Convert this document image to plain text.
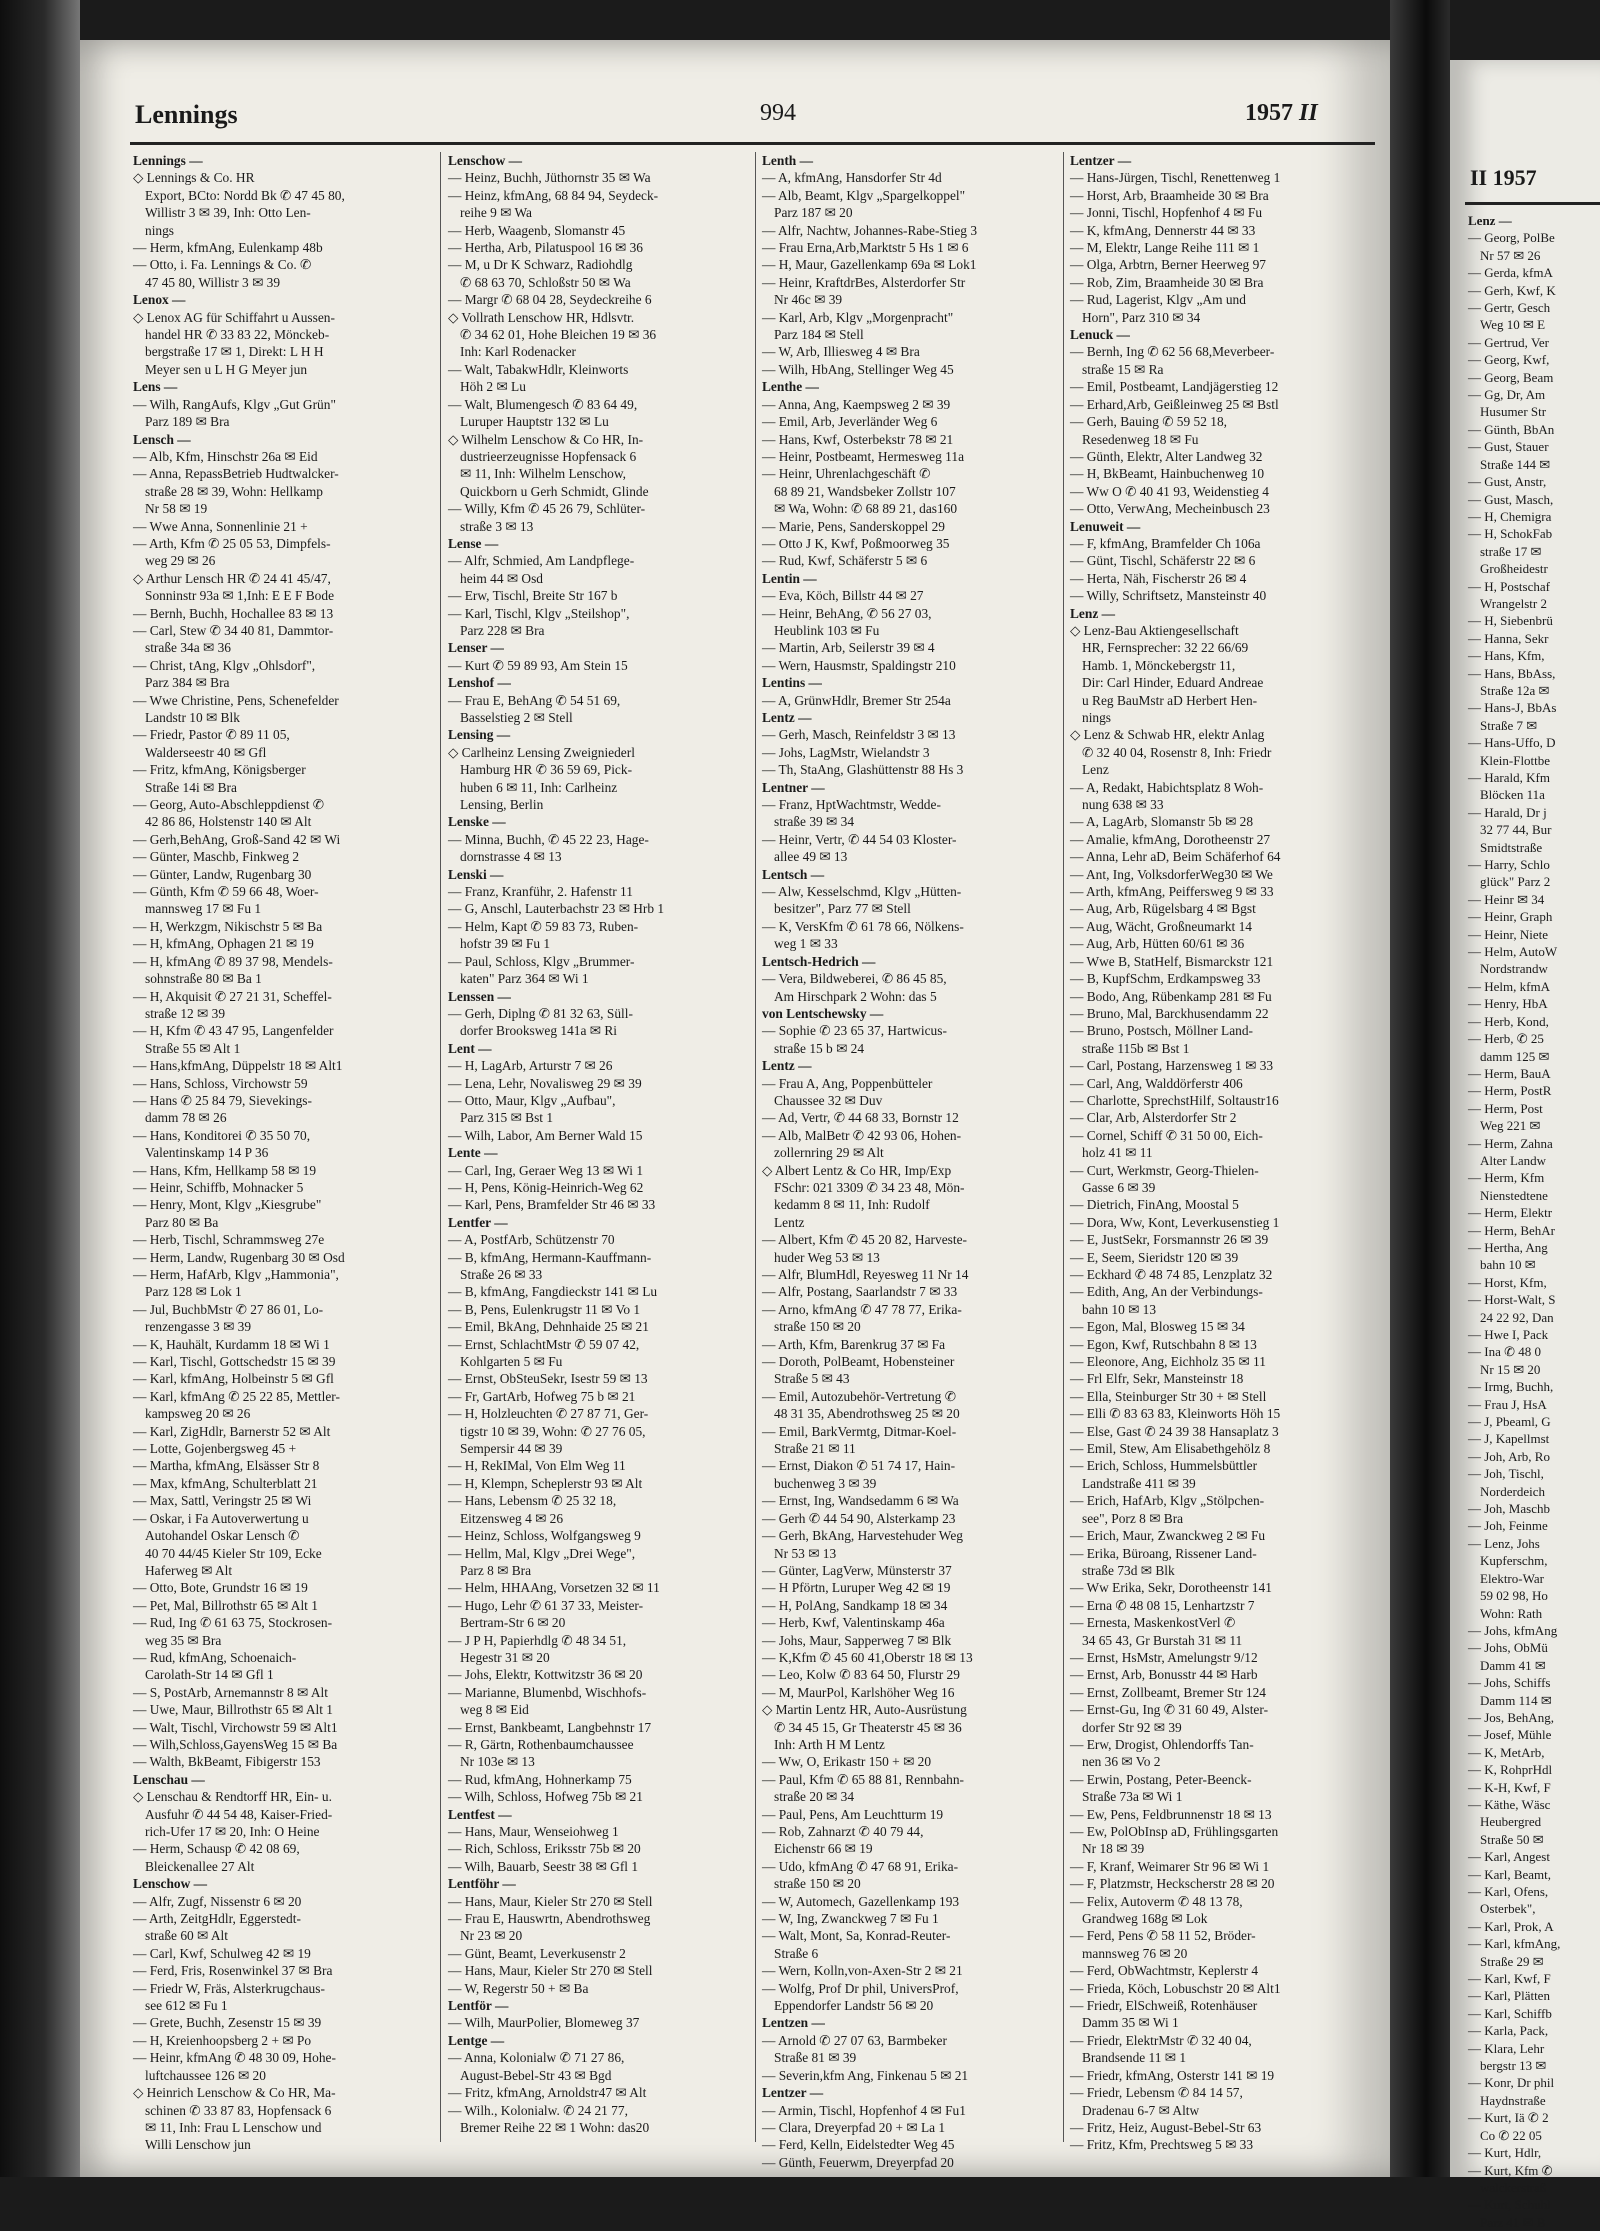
Lennings	994	1957 II
Lennings —
◇ Lennings & Co. HR
Export, BCto: Nordd Bk ✆ 47 45 80,
Willistr 3 ✉ 39, Inh: Otto Len-
nings
— Herm, kfmAng, Eulenkamp 48b
— Otto, i. Fa. Lennings & Co. ✆
47 45 80, Willistr 3 ✉ 39
Lenox —
◇ Lenox AG für Schiffahrt u Aussen-
handel HR ✆ 33 83 22, Mönckeb-
bergstraße 17 ✉ 1, Direkt: L H H
Meyer sen u L H G Meyer jun
Lens —
— Wilh, RangAufs, Klgv „Gut Grün"
Parz 189 ✉ Bra
Lensch —
— Alb, Kfm, Hinschstr 26a ✉ Eid
— Anna, RepassBetrieb Hudtwalcker-
straße 28 ✉ 39, Wohn: Hellkamp
Nr 58 ✉ 19
— Wwe Anna, Sonnenlinie 21 +
— Arth, Kfm ✆ 25 05 53, Dimpfels-
weg 29 ✉ 26
◇ Arthur Lensch HR ✆ 24 41 45/47,
Sonninstr 93a ✉ 1,Inh: E E F Bode
— Bernh, Buchh, Hochallee 83 ✉ 13
— Carl, Stew ✆ 34 40 81, Dammtor-
straße 34a ✉ 36
— Christ, tAng, Klgv „Ohlsdorf",
Parz 384 ✉ Bra
— Wwe Christine, Pens, Schenefelder
Landstr 10 ✉ Blk
— Friedr, Pastor ✆ 89 11 05,
Walderseestr 40 ✉ Gfl
— Fritz, kfmAng, Königsberger
Straße 14i ✉ Bra
— Georg, Auto-Abschleppdienst ✆
42 86 86, Holstenstr 140 ✉ Alt
— Gerh,BehAng, Groß-Sand 42 ✉ Wi
— Günter, Maschb, Finkweg 2
— Günter, Landw, Rugenbarg 30
— Günth, Kfm ✆ 59 66 48, Woer-
mannsweg 17 ✉ Fu 1
— H, Werkzgm, Nikischstr 5 ✉ Ba
— H, kfmAng, Ophagen 21 ✉ 19
— H, kfmAng ✆ 89 37 98, Mendels-
sohnstraße 80 ✉ Ba 1
— H, Akquisit ✆ 27 21 31, Scheffel-
straße 12 ✉ 39
— H, Kfm ✆ 43 47 95, Langenfelder
Straße 55 ✉ Alt 1
— Hans,kfmAng, Düppelstr 18 ✉ Alt1
— Hans, Schloss, Virchowstr 59
— Hans ✆ 25 84 79, Sievekings-
damm 78 ✉ 26
— Hans, Konditorei ✆ 35 50 70,
Valentinskamp 14 P 36
— Hans, Kfm, Hellkamp 58 ✉ 19
— Heinr, Schiffb, Mohnacker 5
— Henry, Mont, Klgv „Kiesgrube"
Parz 80 ✉ Ba
— Herb, Tischl, Schrammsweg 27e
— Herm, Landw, Rugenbarg 30 ✉ Osd
— Herm, HafArb, Klgv „Hammonia",
Parz 128 ✉ Lok 1
— Jul, BuchbMstr ✆ 27 86 01, Lo-
renzengasse 3 ✉ 39
— K, Hauhält, Kurdamm 18 ✉ Wi 1
— Karl, Tischl, Gottschedstr 15 ✉ 39
— Karl, kfmAng, Holbeinstr 5 ✉ Gfl
— Karl, kfmAng ✆ 25 22 85, Mettler-
kampsweg 20 ✉ 26
— Karl, ZigHdlr, Barnerstr 52 ✉ Alt
— Lotte, Gojenbergsweg 45 +
— Martha, kfmAng, Elsässer Str 8
— Max, kfmAng, Schulterblatt 21
— Max, Sattl, Veringstr 25 ✉ Wi
— Oskar, i Fa Autoverwertung u
Autohandel Oskar Lensch ✆
40 70 44/45 Kieler Str 109, Ecke
Haferweg ✉ Alt
— Otto, Bote, Grundstr 16 ✉ 19
— Pet, Mal, Billrothstr 65 ✉ Alt 1
— Rud, Ing ✆ 61 63 75, Stockrosen-
weg 35 ✉ Bra
— Rud, kfmAng, Schoenaich-
Carolath-Str 14 ✉ Gfl 1
— S, PostArb, Arnemannstr 8 ✉ Alt
— Uwe, Maur, Billrothstr 65 ✉ Alt 1
— Walt, Tischl, Virchowstr 59 ✉ Alt1
— Wilh,Schloss,GayensWeg 15 ✉ Ba
— Walth, BkBeamt, Fibigerstr 153
Lenschau —
◇ Lenschau & Rendtorff HR, Ein- u.
Ausfuhr ✆ 44 54 48, Kaiser-Fried-
rich-Ufer 17 ✉ 20, Inh: O Heine
— Herm, Schausp ✆ 42 08 69,
Bleickenallee 27 Alt
Lenschow —
— Alfr, Zugf, Nissenstr 6 ✉ 20
— Arth, ZeitgHdlr, Eggerstedt-
straße 60 ✉ Alt
— Carl, Kwf, Schulweg 42 ✉ 19
— Ferd, Fris, Rosenwinkel 37 ✉ Bra
— Friedr W, Fräs, Alsterkrugchaus-
see 612 ✉ Fu 1
— Grete, Buchh, Zesenstr 15 ✉ 39
— H, Kreienhoopsberg 2 + ✉ Po
— Heinr, kfmAng ✆ 48 30 09, Hohe-
luftchaussee 126 ✉ 20
◇ Heinrich Lenschow & Co HR, Ma-
schinen ✆ 33 87 83, Hopfensack 6
✉ 11, Inh: Frau L Lenschow und
Willi Lenschow jun
Lenschow —
— Heinz, Buchh, Jüthornstr 35 ✉ Wa
— Heinz, kfmAng, 68 84 94, Seydeck-
reihe 9 ✉ Wa
— Herb, Waagenb, Slomanstr 45
— Hertha, Arb, Pilatuspool 16 ✉ 36
— M, u Dr K Schwarz, Radiohdlg
✆ 68 63 70, Schloßstr 50 ✉ Wa
— Margr ✆ 68 04 28, Seydeckreihe 6
◇ Vollrath Lenschow HR, Hdlsvtr.
✆ 34 62 01, Hohe Bleichen 19 ✉ 36
Inh: Karl Rodenacker
— Walt, TabakwHdlr, Kleinworts
Höh 2 ✉ Lu
— Walt, Blumengesch ✆ 83 64 49,
Luruper Hauptstr 132 ✉ Lu
◇ Wilhelm Lenschow & Co HR, In-
dustrieerzeugnisse Hopfensack 6
✉ 11, Inh: Wilhelm Lenschow,
Quickborn u Gerh Schmidt, Glinde
— Willy, Kfm ✆ 45 26 79, Schlüter-
straße 3 ✉ 13
Lense —
— Alfr, Schmied, Am Landpflege-
heim 44 ✉ Osd
— Erw, Tischl, Breite Str 167 b
— Karl, Tischl, Klgv „Steilshop",
Parz 228 ✉ Bra
Lenser —
— Kurt ✆ 59 89 93, Am Stein 15
Lenshof —
— Frau E, BehAng ✆ 54 51 69,
Basselstieg 2 ✉ Stell
Lensing —
◇ Carlheinz Lensing Zweigniederl
Hamburg HR ✆ 36 59 69, Pick-
huben 6 ✉ 11, Inh: Carlheinz
Lensing, Berlin
Lenske —
— Minna, Buchh, ✆ 45 22 23, Hage-
dornstrasse 4 ✉ 13
Lenski —
— Franz, Kranführ, 2. Hafenstr 11
— G, Anschl, Lauterbachstr 23 ✉ Hrb 1
— Helm, Kapt ✆ 59 83 73, Ruben-
hofstr 39 ✉ Fu 1
— Paul, Schloss, Klgv „Brummer-
katen" Parz 364 ✉ Wi 1
Lenssen —
— Gerh, Diplng ✆ 81 32 63, Süll-
dorfer Brooksweg 141a ✉ Ri
Lent —
— H, LagArb, Arturstr 7 ✉ 26
— Lena, Lehr, Novalisweg 29 ✉ 39
— Otto, Maur, Klgv „Aufbau",
Parz 315 ✉ Bst 1
— Wilh, Labor, Am Berner Wald 15
Lente —
— Carl, Ing, Geraer Weg 13 ✉ Wi 1
— H, Pens, König-Heinrich-Weg 62
— Karl, Pens, Bramfelder Str 46 ✉ 33
Lentfer —
— A, PostfArb, Schützenstr 70
— B, kfmAng, Hermann-Kauffmann-
Straße 26 ✉ 33
— B, kfmAng, Fangdieckstr 141 ✉ Lu
— B, Pens, Eulenkrugstr 11 ✉ Vo 1
— Emil, BkAng, Dehnhaide 25 ✉ 21
— Ernst, SchlachtMstr ✆ 59 07 42,
Kohlgarten 5 ✉ Fu
— Ernst, ObSteuSekr, Isestr 59 ✉ 13
— Fr, GartArb, Hofweg 75 b ✉ 21
— H, Holzleuchten ✆ 27 87 71, Ger-
tigstr 10 ✉ 39, Wohn: ✆ 27 76 05,
Sempersir 44 ✉ 39
— H, RekIMal, Von Elm Weg 11
— H, Klempn, Scheplerstr 93 ✉ Alt
— Hans, Lebensm ✆ 25 32 18,
Eitzensweg 4 ✉ 26
— Heinz, Schloss, Wolfgangsweg 9
— Hellm, Mal, Klgv „Drei Wege",
Parz 8 ✉ Bra
— Helm, HHAAng, Vorsetzen 32 ✉ 11
— Hugo, Lehr ✆ 61 37 33, Meister-
Bertram-Str 6 ✉ 20
— J P H, Papierhdlg ✆ 48 34 51,
Hegestr 31 ✉ 20
— Johs, Elektr, Kottwitzstr 36 ✉ 20
— Marianne, Blumenbd, Wischhofs-
weg 8 ✉ Eid
— Ernst, Bankbeamt, Langbehnstr 17
— R, Gärtn, Rothenbaumchaussee
Nr 103e ✉ 13
— Rud, kfmAng, Hohnerkamp 75
— Wilh, Schloss, Hofweg 75b ✉ 21
Lentfest —
— Hans, Maur, Wenseiohweg 1
— Rich, Schloss, Eriksstr 75b ✉ 20
— Wilh, Bauarb, Seestr 38 ✉ Gfl 1
Lentföhr —
— Hans, Maur, Kieler Str 270 ✉ Stell
— Frau E, Hauswrtn, Abendrothsweg
Nr 23 ✉ 20
— Günt, Beamt, Leverkusenstr 2
— Hans, Maur, Kieler Str 270 ✉ Stell
— W, Regerstr 50 + ✉ Ba
Lentför —
— Wilh, MaurPolier, Blomeweg 37
Lentge —
— Anna, Kolonialw ✆ 71 27 86,
August-Bebel-Str 43 ✉ Bgd
— Fritz, kfmAng, Arnoldstr47 ✉ Alt
— Wilh., Kolonialw. ✆ 24 21 77,
Bremer Reihe 22 ✉ 1 Wohn: das20
Lenth —
— A, kfmAng, Hansdorfer Str 4d
— Alb, Beamt, Klgv „Spargelkoppel"
Parz 187 ✉ 20
— Alfr, Nachtw, Johannes-Rabe-Stieg 3
— Frau Erna,Arb,Marktstr 5 Hs 1 ✉ 6
— H, Maur, Gazellenkamp 69a ✉ Lok1
— Heinr, KraftdrBes, Alsterdorfer Str
Nr 46c ✉ 39
— Karl, Arb, Klgv „Morgenpracht"
Parz 184 ✉ Stell
— W, Arb, Illiesweg 4 ✉ Bra
— Wilh, HbAng, Stellinger Weg 45
Lenthe —
— Anna, Ang, Kaempsweg 2 ✉ 39
— Emil, Arb, Jeverländer Weg 6
— Hans, Kwf, Osterbekstr 78 ✉ 21
— Heinr, Postbeamt, Hermesweg 11a
— Heinr, Uhrenlachgeschäft ✆
68 89 21, Wandsbeker Zollstr 107
✉ Wa, Wohn: ✆ 68 89 21, das160
— Marie, Pens, Sanderskoppel 29
— Otto J K, Kwf, Poßmoorweg 35
— Rud, Kwf, Schäferstr 5 ✉ 6
Lentin —
— Eva, Köch, Billstr 44 ✉ 27
— Heinr, BehAng, ✆ 56 27 03,
Heublink 103 ✉ Fu
— Martin, Arb, Seilerstr 39 ✉ 4
— Wern, Hausmstr, Spaldingstr 210
Lentins —
— A, GrünwHdlr, Bremer Str 254a
Lentz —
— Gerh, Masch, Reinfeldstr 3 ✉ 13
— Johs, LagMstr, Wielandstr 3
— Th, StaAng, Glashüttenstr 88 Hs 3
Lentner —
— Franz, HptWachtmstr, Wedde-
straße 39 ✉ 34
— Heinr, Vertr, ✆ 44 54 03 Kloster-
allee 49 ✉ 13
Lentsch —
— Alw, Kesselschmd, Klgv „Hütten-
besitzer", Parz 77 ✉ Stell
— K, VersKfm ✆ 61 78 66, Nölkens-
weg 1 ✉ 33
Lentsch-Hedrich —
— Vera, Bildweberei, ✆ 86 45 85,
Am Hirschpark 2 Wohn: das 5
von Lentschewsky —
— Sophie ✆ 23 65 37, Hartwicus-
straße 15 b ✉ 24
Lentz —
— Frau A, Ang, Poppenbütteler
Chaussee 32 ✉ Duv
— Ad, Vertr, ✆ 44 68 33, Bornstr 12
— Alb, MalBetr ✆ 42 93 06, Hohen-
zollernring 29 ✉ Alt
◇ Albert Lentz & Co HR, Imp/Exp
FSchr: 021 3309 ✆ 34 23 48, Mön-
kedamm 8 ✉ 11, Inh: Rudolf
Lentz
— Albert, Kfm ✆ 45 20 82, Harveste-
huder Weg 53 ✉ 13
— Alfr, BlumHdl, Reyesweg 11 Nr 14
— Alfr, Postang, Saarlandstr 7 ✉ 33
— Arno, kfmAng ✆ 47 78 77, Erika-
straße 150 ✉ 20
— Arth, Kfm, Barenkrug 37 ✉ Fa
— Doroth, PolBeamt, Hobensteiner
Straße 5 ✉ 43
— Emil, Autozubehör-Vertretung ✆
48 31 35, Abendrothsweg 25 ✉ 20
— Emil, BarkVermtg, Ditmar-Koel-
Straße 21 ✉ 11
— Ernst, Diakon ✆ 51 74 17, Hain-
buchenweg 3 ✉ 39
— Ernst, Ing, Wandsedamm 6 ✉ Wa
— Gerh ✆ 44 54 90, Alsterkamp 23
— Gerh, BkAng, Harvestehuder Weg
Nr 53 ✉ 13
— Günter, LagVerw, Münsterstr 37
— H Pförtn, Luruper Weg 42 ✉ 19
— H, PolAng, Sandkamp 18 ✉ 34
— Herb, Kwf, Valentinskamp 46a
— Johs, Maur, Sapperweg 7 ✉ Blk
— K,Kfm ✆ 45 60 41,Oberstr 18 ✉ 13
— Leo, Kolw ✆ 83 64 50, Flurstr 29
— M, MaurPol, Karlshöher Weg 16
◇ Martin Lentz HR, Auto-Ausrüstung
✆ 34 45 15, Gr Theaterstr 45 ✉ 36
Inh: Arth H M Lentz
— Ww, O, Erikastr 150 + ✉ 20
— Paul, Kfm ✆ 65 88 81, Rennbahn-
straße 20 ✉ 34
— Paul, Pens, Am Leuchtturm 19
— Rob, Zahnarzt ✆ 40 79 44,
Eichenstr 66 ✉ 19
— Udo, kfmAng ✆ 47 68 91, Erika-
straße 150 ✉ 20
— W, Automech, Gazellenkamp 193
— W, Ing, Zwanckweg 7 ✉ Fu 1
— Walt, Mont, Sa, Konrad-Reuter-
Straße 6
— Wern, Kolln,von-Axen-Str 2 ✉ 21
— Wolfg, Prof Dr phil, UniversProf,
Eppendorfer Landstr 56 ✉ 20
Lentzen —
— Arnold ✆ 27 07 63, Barmbeker
Straße 81 ✉ 39
— Severin,kfm Ang, Finkenau 5 ✉ 21
Lentzer —
— Armin, Tischl, Hopfenhof 4 ✉ Fu1
— Clara, Dreyerpfad 20 + ✉ La 1
— Ferd, Kelln, Eidelstedter Weg 45
— Günth, Feuerwm, Dreyerpfad 20
Lentzer —
— Hans-Jürgen, Tischl, Renettenweg 1
— Horst, Arb, Braamheide 30 ✉ Bra
— Jonni, Tischl, Hopfenhof 4 ✉ Fu
— K, kfmAng, Dennerstr 44 ✉ 33
— M, Elektr, Lange Reihe 111 ✉ 1
— Olga, Arbtrn, Berner Heerweg 97
— Rob, Zim, Braamheide 30 ✉ Bra
— Rud, Lagerist, Klgv „Am und
Horn", Parz 310 ✉ 34
Lenuck —
— Bernh, Ing ✆ 62 56 68,Meverbeer-
straße 15 ✉ Ra
— Emil, Postbeamt, Landjägerstieg 12
— Erhard,Arb, Geißleinweg 25 ✉ Bstl
— Gerh, Bauing ✆ 59 52 18,
Resedenweg 18 ✉ Fu
— Günth, Elektr, Alter Landweg 32
— H, BkBeamt, Hainbuchenweg 10
— Ww O ✆ 40 41 93, Weidenstieg 4
— Otto, VerwAng, Mecheinbusch 23
Lenuweit —
— F, kfmAng, Bramfelder Ch 106a
— Günt, Tischl, Schäferstr 22 ✉ 6
— Herta, Näh, Fischerstr 26 ✉ 4
— Willy, Schriftsetz, Mansteinstr 40
Lenz —
◇ Lenz-Bau Aktiengesellschaft
HR, Fernsprecher: 32 22 66/69
Hamb. 1, Mönckebergstr 11,
Dir: Carl Hinder, Eduard Andreae
u Reg BauMstr aD Herbert Hen-
nings
◇ Lenz & Schwab HR, elektr Anlag
✆ 32 40 04, Rosenstr 8, Inh: Friedr
Lenz
— A, Redakt, Habichtsplatz 8 Woh-
nung 638 ✉ 33
— A, LagArb, Slomanstr 5b ✉ 28
— Amalie, kfmAng, Dorotheenstr 27
— Anna, Lehr aD, Beim Schäferhof 64
— Ant, Ing, VolksdorferWeg30 ✉ We
— Arth, kfmAng, Peiffersweg 9 ✉ 33
— Aug, Arb, Rügelsbarg 4 ✉ Bgst
— Aug, Wächt, Großneumarkt 14
— Aug, Arb, Hütten 60/61 ✉ 36
— Wwe B, StatHelf, Bismarckstr 121
— B, KupfSchm, Erdkampsweg 33
— Bodo, Ang, Rübenkamp 281 ✉ Fu
— Bruno, Mal, Barckhusendamm 22
— Bruno, Postsch, Möllner Land-
straße 115b ✉ Bst 1
— Carl, Postang, Harzensweg 1 ✉ 33
— Carl, Ang, Walddörferstr 406
— Charlotte, SprechstHilf, Soltaustr16
— Clar, Arb, Alsterdorfer Str 2
— Cornel, Schiff ✆ 31 50 00, Eich-
holz 41 ✉ 11
— Curt, Werkmstr, Georg-Thielen-
Gasse 6 ✉ 39
— Dietrich, FinAng, Moostal 5
— Dora, Ww, Kont, Leverkusenstieg 1
— E, JustSekr, Forsmannstr 26 ✉ 39
— E, Seem, Sieridstr 120 ✉ 39
— Eckhard ✆ 48 74 85, Lenzplatz 32
— Edith, Ang, An der Verbindungs-
bahn 10 ✉ 13
— Egon, Mal, Blosweg 15 ✉ 34
— Egon, Kwf, Rutschbahn 8 ✉ 13
— Eleonore, Ang, Eichholz 35 ✉ 11
— Frl Elfr, Sekr, Mansteinstr 18
— Ella, Steinburger Str 30 + ✉ Stell
— Elli ✆ 83 63 83, Kleinworts Höh 15
— Else, Gast ✆ 24 39 38 Hansaplatz 3
— Emil, Stew, Am Elisabethgehölz 8
— Erich, Schloss, Hummelsbüttler
Landstraße 411 ✉ 39
— Erich, HafArb, Klgv „Stölpchen-
see", Porz 8 ✉ Bra
— Erich, Maur, Zwanckweg 2 ✉ Fu
— Erika, Büroang, Rissener Land-
straße 73d ✉ Blk
— Ww Erika, Sekr, Dorotheenstr 141
— Erna ✆ 48 08 15, Lenhartzstr 7
— Ernesta, MaskenkostVerl ✆
34 65 43, Gr Burstah 31 ✉ 11
— Ernst, HsMstr, Amelungstr 9/12
— Ernst, Arb, Bonusstr 44 ✉ Harb
— Ernst, Zollbeamt, Bremer Str 124
— Ernst-Gu, Ing ✆ 31 60 49, Alster-
dorfer Str 92 ✉ 39
— Erw, Drogist, Ohlendorffs Tan-
nen 36 ✉ Vo 2
— Erwin, Postang, Peter-Beenck-
Straße 73a ✉ Wi 1
— Ew, Pens, Feldbrunnenstr 18 ✉ 13
— Ew, PolObInsp aD, Frühlingsgarten
Nr 18 ✉ 39
— F, Kranf, Weimarer Str 96 ✉ Wi 1
— F, Platzmstr, Heckscherstr 28 ✉ 20
— Felix, Autoverm ✆ 48 13 78,
Grandweg 168g ✉ Lok
— Ferd, Pens ✆ 58 11 52, Bröder-
mannsweg 76 ✉ 20
— Ferd, ObWachtmstr, Keplerstr 4
— Frieda, Köch, Lobuschstr 20 ✉ Alt1
— Friedr, ElSchweiß, Rotenhäuser
Damm 35 ✉ Wi 1
— Friedr, ElektrMstr ✆ 32 40 04,
Brandsende 11 ✉ 1
— Friedr, kfmAng, Osterstr 141 ✉ 19
— Friedr, Lebensm ✆ 84 14 57,
Dradenau 6-7 ✉ Altw
— Fritz, Heiz, August-Bebel-Str 63
— Fritz, Kfm, Prechtsweg 5 ✉ 33
II 1957
Lenz —
— Georg, PolBe
Nr 57 ✉ 26
— Gerda, kfmA
— Gerh, Kwf, K
— Gertr, Gesch
Weg 10 ✉ E
— Gertrud, Ver
— Georg, Kwf,
— Georg, Beam
— Gg, Dr, Am
Husumer Str
— Günth, BbAn
— Gust, Stauer
Straße 144 ✉
— Gust, Anstr,
— Gust, Masch,
— H, Chemigra
— H, SchokFab
straße 17 ✉
Großheidestr
— H, Postschaf
Wrangelstr 2
— H, Siebenbrü
— Hanna, Sekr
— Hans, Kfm,
— Hans, BbAss,
Straße 12a ✉
— Hans-J, BbAs
Straße 7 ✉
— Hans-Uffo, D
Klein-Flottbe
— Harald, Kfm
Blöcken 11a
— Harald, Dr j
32 77 44, Bur
Smidtstraße
— Harry, Schlo
glück" Parz 2
— Heinr ✉ 34
— Heinr, Graph
— Heinr, Niete
— Helm, AutoW
Nordstrandw
— Helm, kfmA
— Henry, HbA
— Herb, Kond,
— Herb, ✆ 25
damm 125 ✉
— Herm, BauA
— Herm, PostR
— Herm, Post
Weg 221 ✉
— Herm, Zahna
Alter Landw
— Herm, Kfm
Nienstedtene
— Herm, Elektr
— Herm, BehAr
— Hertha, Ang
bahn 10 ✉
— Horst, Kfm,
— Horst-Walt, S
24 22 92, Dan
— Hwe I, Pack
— Ina ✆ 48 0
Nr 15 ✉ 20
— Irmg, Buchh,
— Frau J, HsA
— J, Pbeaml, G
— J, Kapellmst
— Joh, Arb, Ro
— Joh, Tischl,
Norderdeich
— Joh, Maschb
— Joh, Feinme
— Lenz, Johs
Kupferschm,
Elektro-War
59 02 98, Ho
Wohn: Rath
— Johs, kfmAng
— Johs, ObMü
Damm 41 ✉
— Johs, Schiffs
Damm 114 ✉
— Jos, BehAng,
— Josef, Mühle
— K, MetArb,
— K, RohprHdl
— K-H, Kwf, F
— Käthe, Wäsc
Heubergred
Straße 50 ✉
— Karl, Angest
— Karl, Beamt,
— Karl, Ofens,
Osterbek",
— Karl, Prok, A
— Karl, kfmAng,
Straße 29 ✉
— Karl, Kwf, F
— Karl, Plätten
— Karl, Schiffb
— Karla, Pack,
— Klara, Lehr
bergstr 13 ✉
— Konr, Dr phil
Haydnstraße
— Kurt, Iä ✆ 2
Co ✆ 22 05
— Kurt, Hdlr,
— Kurt, Kfm ✆
walckerstraß
— Kurt, Schuhl
Parz 41 ✉ B
